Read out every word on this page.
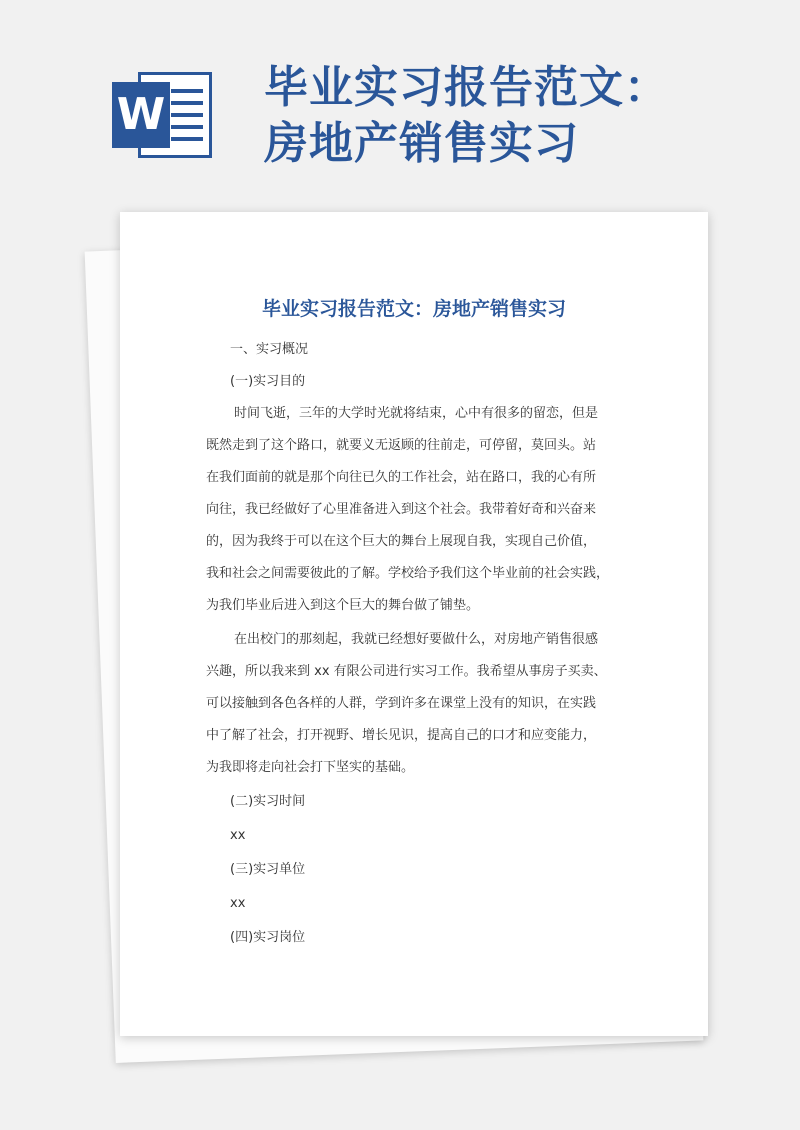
W
毕业实习报告范文：房地产销售实习
毕业实习报告范文：房地产销售实习
一、实习概况
(一)实习目的
时间飞逝，三年的大学时光就将结束，心中有很多的留恋，但是
既然走到了这个路口，就要义无返顾的往前走，可停留，莫回头。站
在我们面前的就是那个向往已久的工作社会，站在路口，我的心有所
向往，我已经做好了心里准备进入到这个社会。我带着好奇和兴奋来
的，因为我终于可以在这个巨大的舞台上展现自我，实现自己价值，
我和社会之间需要彼此的了解。学校给予我们这个毕业前的社会实践，
为我们毕业后进入到这个巨大的舞台做了铺垫。
在出校门的那刻起，我就已经想好要做什么，对房地产销售很感
兴趣，所以我来到 xx 有限公司进行实习工作。我希望从事房子买卖、
可以接触到各色各样的人群，学到许多在课堂上没有的知识，在实践
中了解了社会，打开视野、增长见识，提高自己的口才和应变能力，
为我即将走向社会打下坚实的基础。
(二)实习时间
xx
(三)实习单位
xx
(四)实习岗位
